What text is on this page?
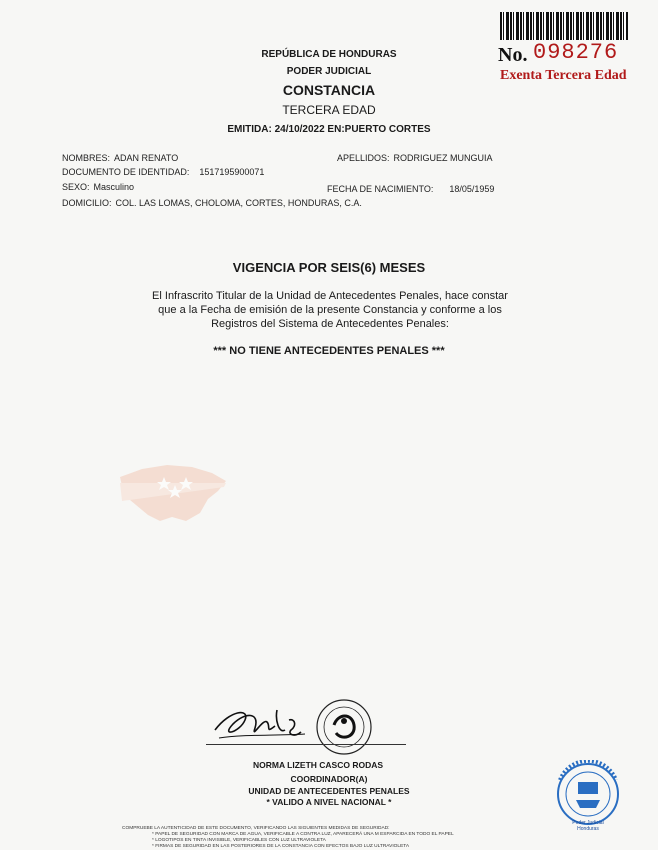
No. 098276
Exenta Tercera Edad
REPÚBLICA DE HONDURAS
PODER JUDICIAL
CONSTANCIA
TERCERA EDAD
EMITIDA: 24/10/2022 EN:PUERTO CORTES
NOMBRES: ADAN RENATO	APELLIDOS: RODRIGUEZ MUNGUIA
DOCUMENTO DE IDENTIDAD: 1517195900071
SEXO: Masculino	FECHA DE NACIMIENTO: 18/05/1959
DOMICILIO: COL. LAS LOMAS, CHOLOMA, CORTES, HONDURAS, C.A.
VIGENCIA POR SEIS(6) MESES
El Infrascrito Titular de la Unidad de Antecedentes Penales, hace constar
que a la Fecha de emisión de la presente Constancia y conforme a los
Registros del Sistema de Antecedentes Penales:
*** NO TIENE ANTECEDENTES PENALES ***
NORMA LIZETH CASCO RODAS
COORDINADOR(A)
UNIDAD DE ANTECEDENTES PENALES
* VALIDO A NIVEL NACIONAL *
COMPRUEBE LA AUTENTICIDAD DE ESTE DOCUMENTO, VERIFICANDO LAS SIGUIENTES MEDIDAS DE SEGURIDAD:
* PAPEL DE SEGURIDAD CON MARCA DE AGUA, VERIFICABLE A CONTRA LUZ, APARECERÁ UNA M ESPARCIDA EN TODO EL PAPEL
* LOGOTIPOS EN TINTA INVISIBLE, VERIFICABLES CON LUZ ULTRAVIOLETA
* FIRMAS DE SEGURIDAD EN LAS POSTERIORES DE LA CONSTANCIA CON EFECTOS BAJO LUZ ULTRAVIOLETA
Poder Judicial
Honduras
